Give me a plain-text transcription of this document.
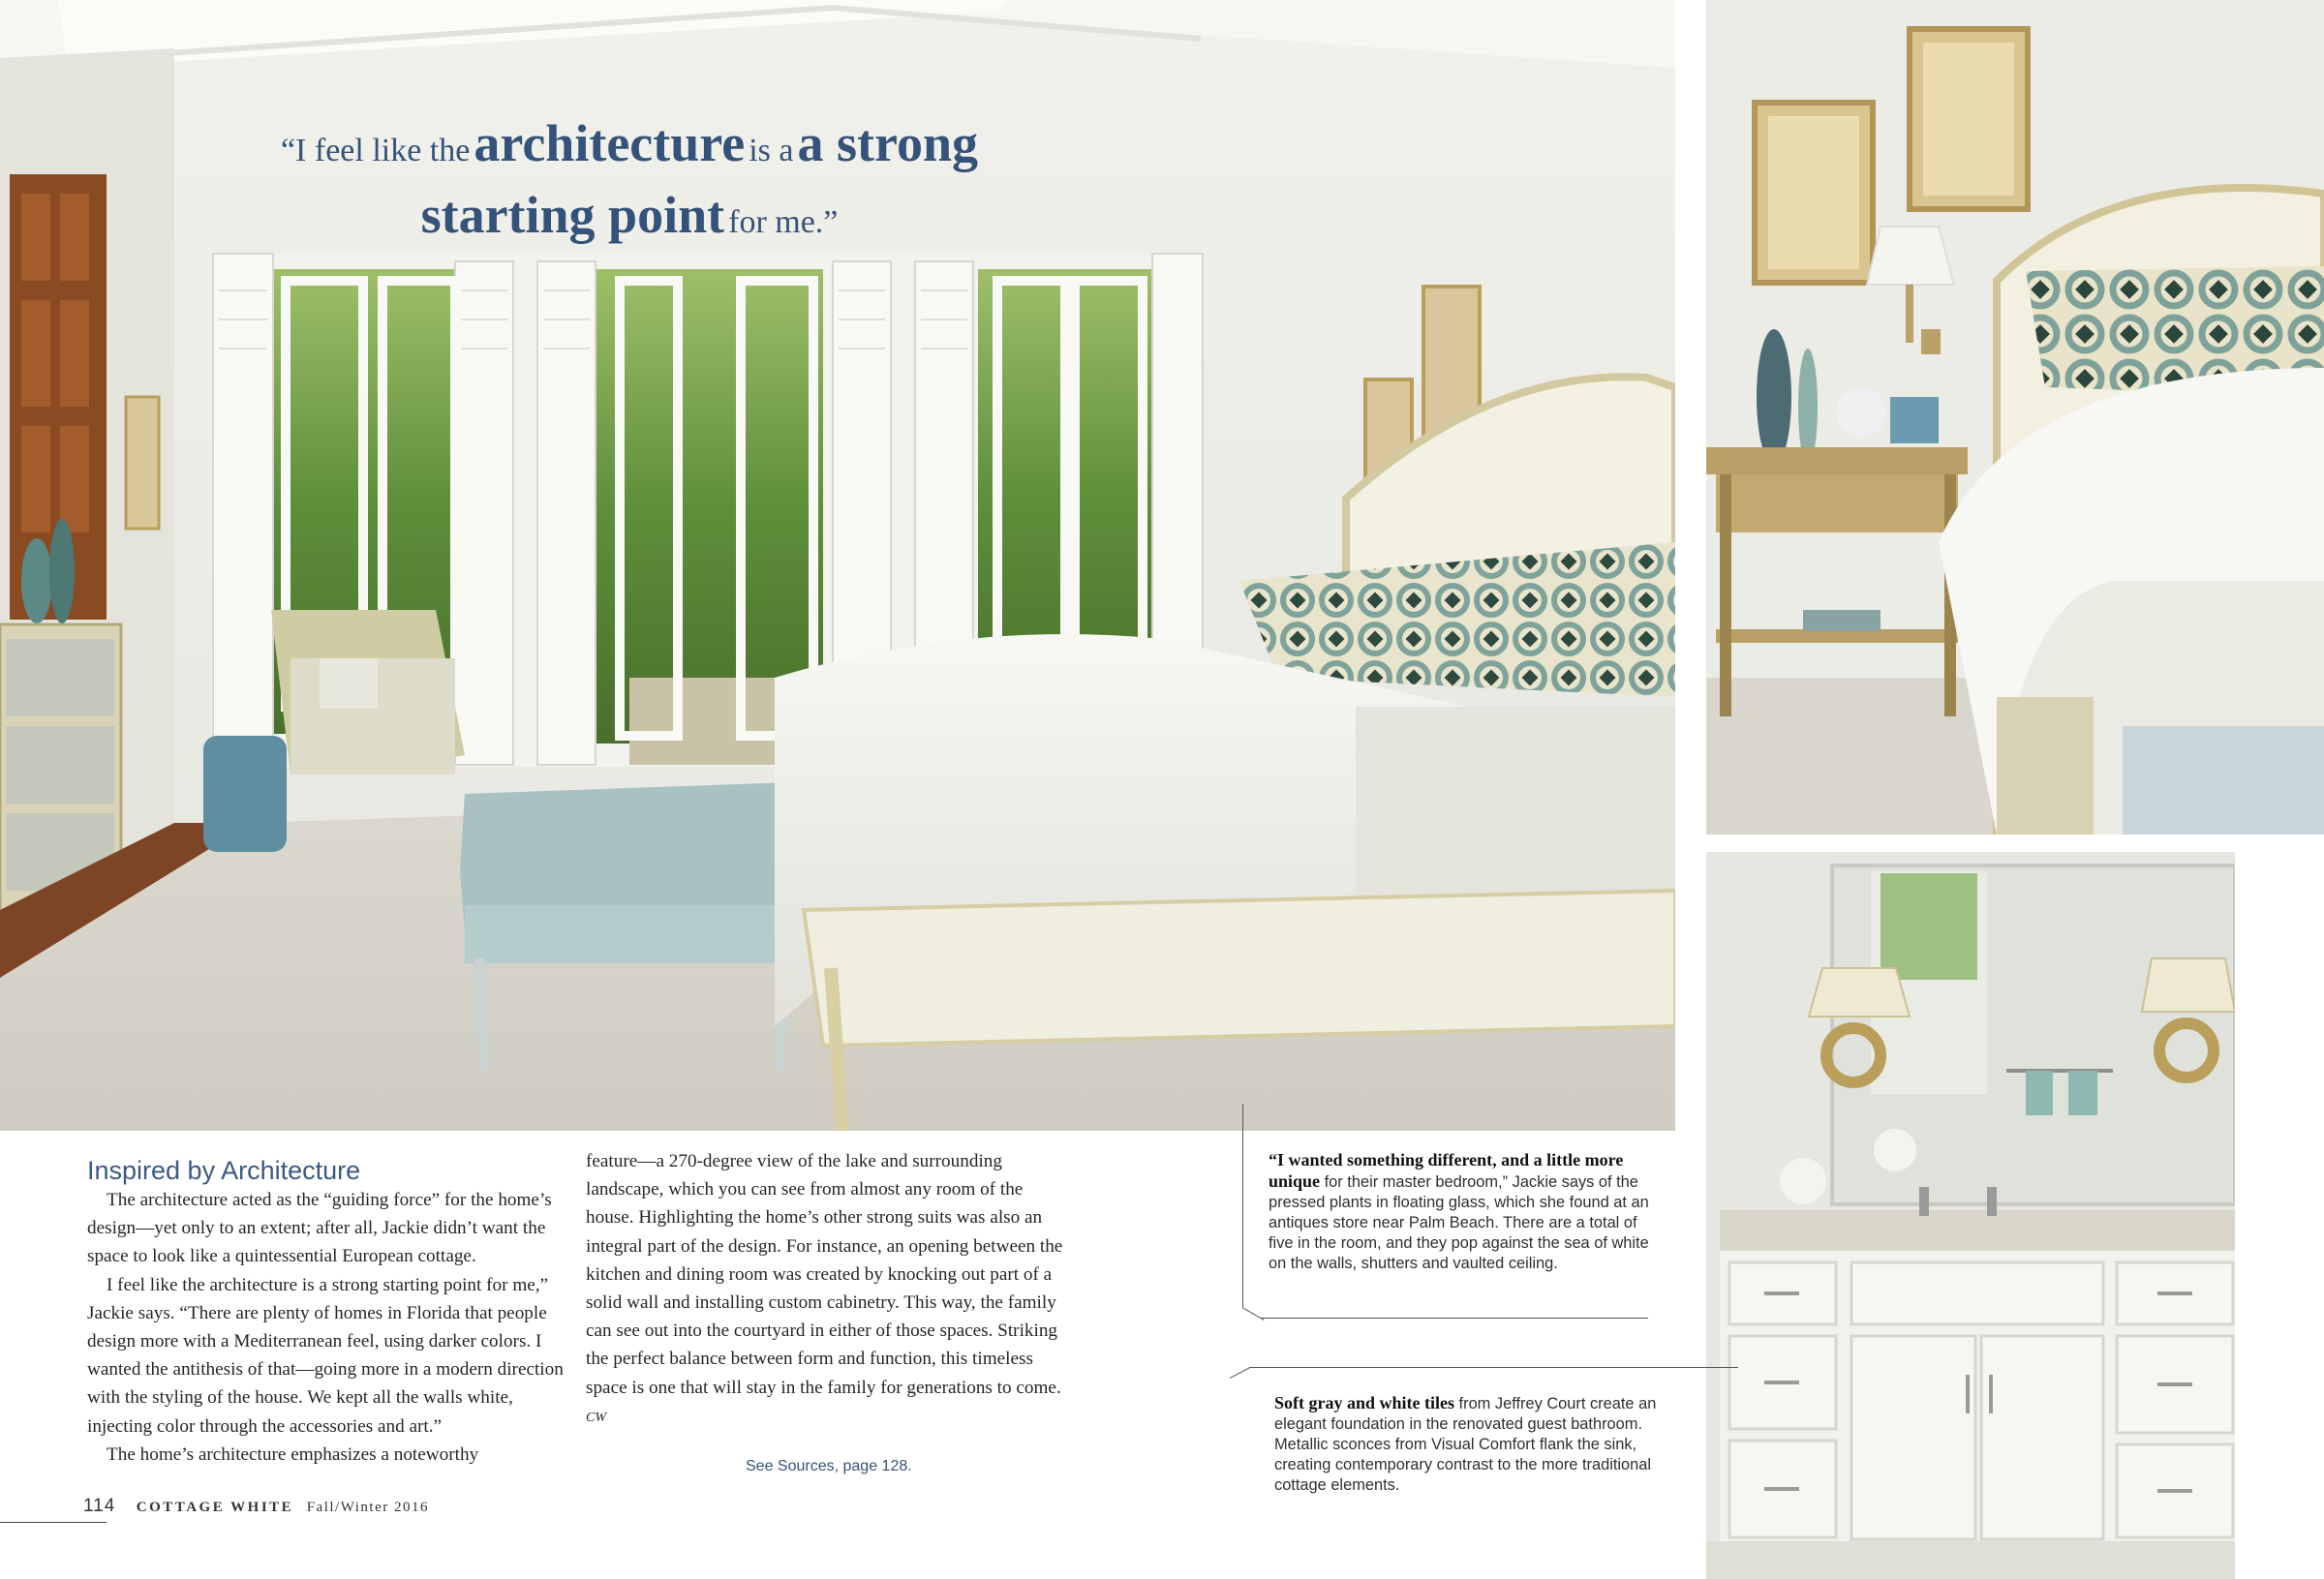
“I feel like the architecture is a a strong
starting point for me.”
Inspired by Architecture

The architecture acted as the “guiding force” for the home’s design—yet only to an extent; after all, Jackie didn’t want the space to look like a quintessential European cottage.

I feel like the architecture is a strong starting point for me,” Jackie says. “There are plenty of homes in Florida that people design more with a Mediterranean feel, using darker colors. I wanted the antithesis of that—going more in a modern direction with the styling of the house. We kept all the walls white, injecting color through the accessories and art.”

The home’s architecture emphasizes a noteworthy

feature—a 270-degree view of the lake and surrounding landscape, which you can see from almost any room of the house. Highlighting the home’s other strong suits was also an integral part of the design. For instance, an opening between the kitchen and dining room was created by knocking out part of a solid wall and installing custom cabinetry. This way, the family can see out into the courtyard in either of those spaces. Striking the perfect balance between form and function, this timeless space is one that will stay in the family for generations to come. CW

See Sources, page 128.
114 COTTAGE WHITE Fall/Winter 2016
“I wanted something different, and a little more unique for their master bedroom,” Jackie says of the pressed plants in floating glass, which she found at an antiques store near Palm Beach. There are a total of five in the room, and they pop against the sea of white on the walls, shutters and vaulted ceiling.
Soft gray and white tiles from Jeffrey Court create an elegant foundation in the renovated guest bathroom. Metallic sconces from Visual Comfort flank the sink, creating contemporary contrast to the more traditional cottage elements.
